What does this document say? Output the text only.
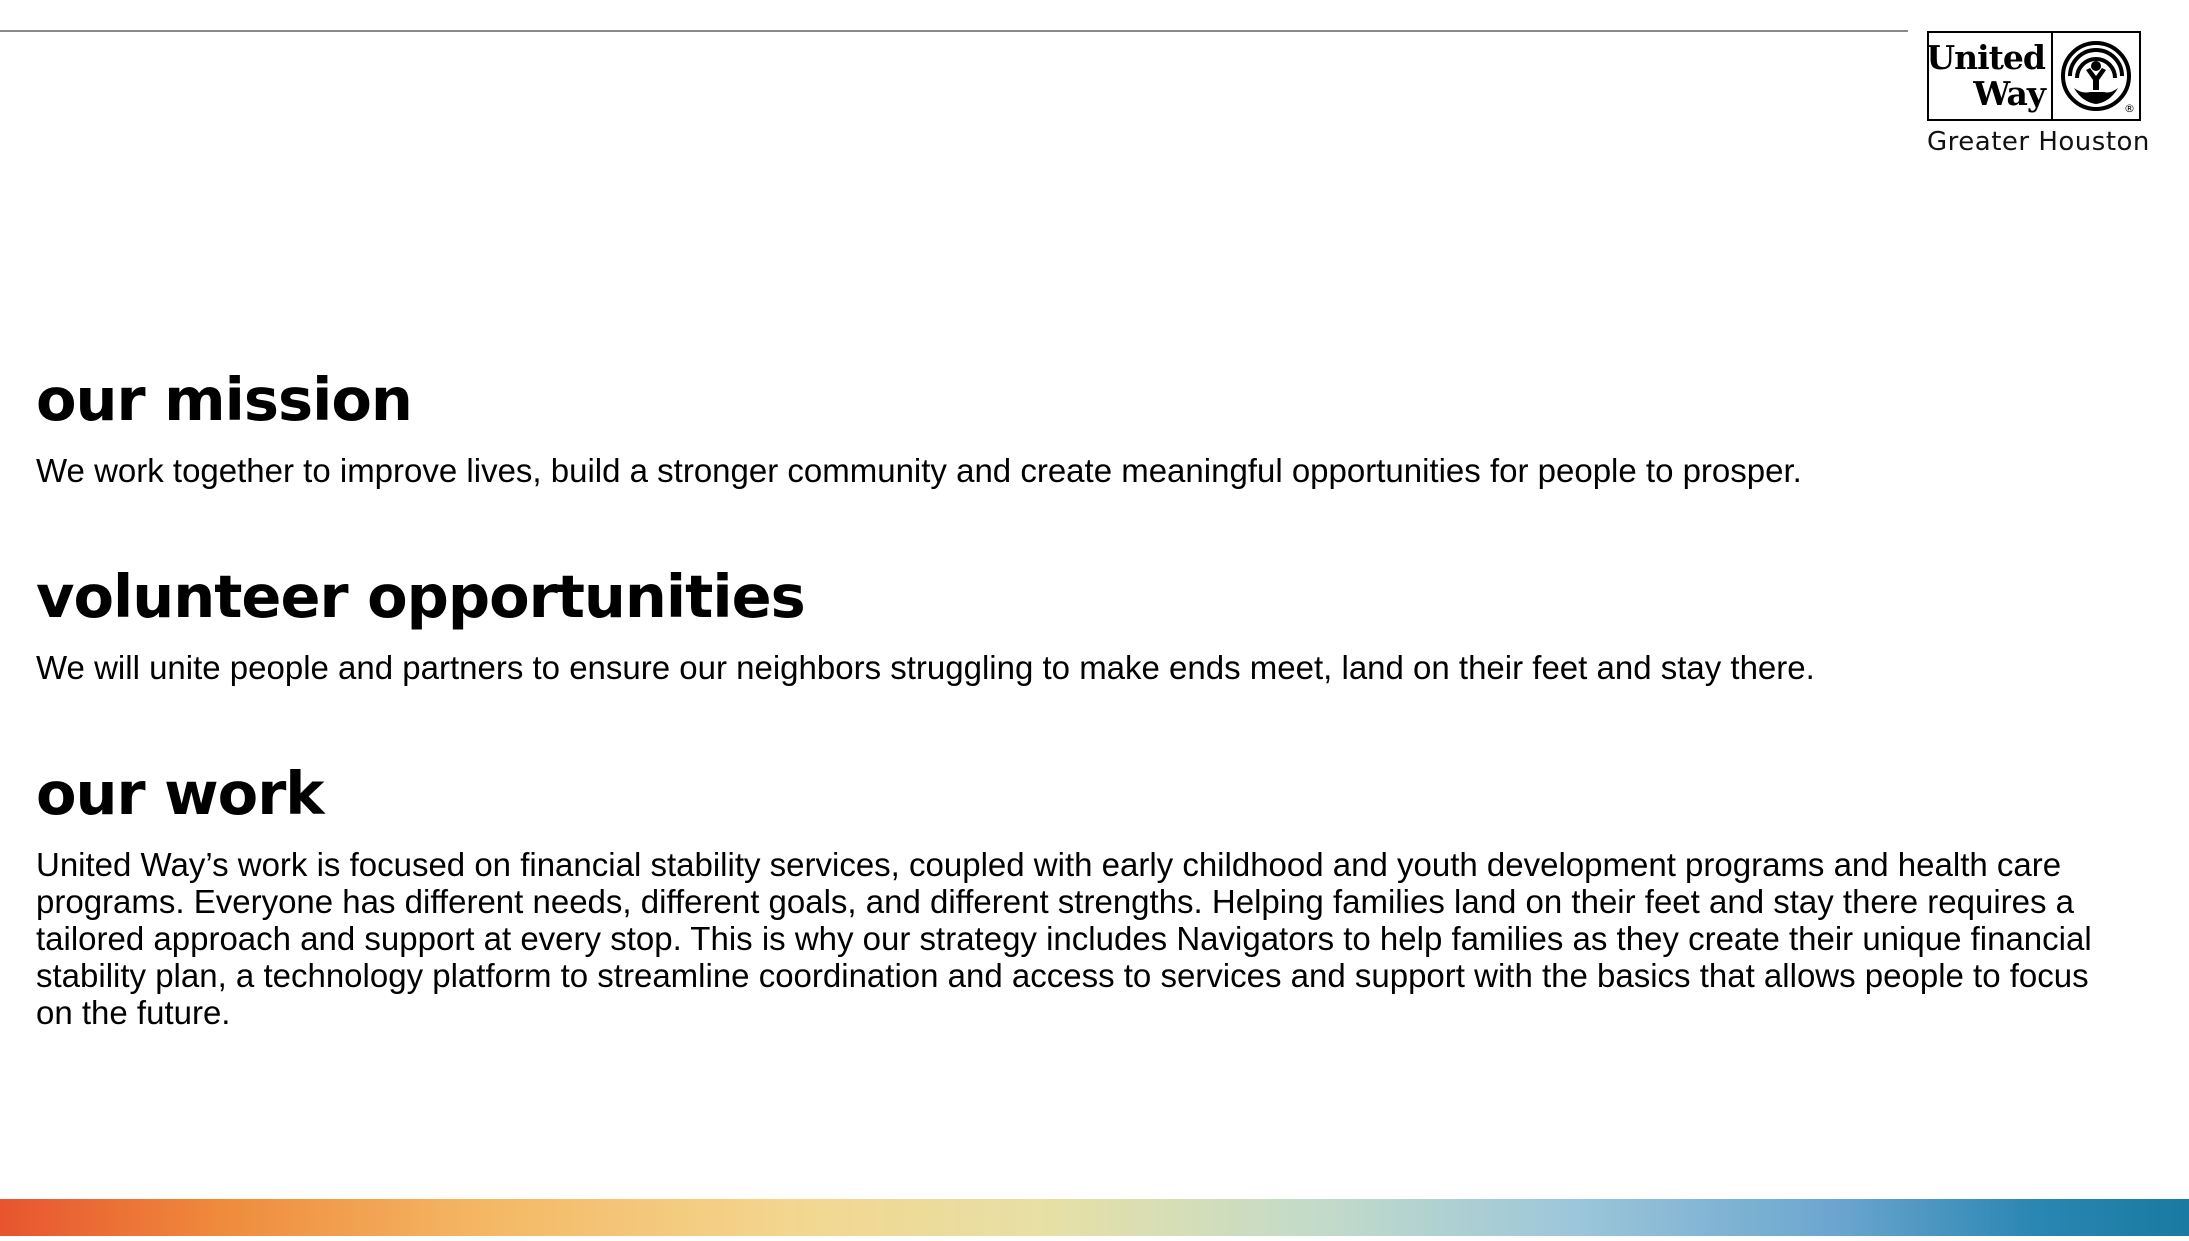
United
Way	®
Greater Houston
our mission

We work together to improve lives, build a stronger community and create meaningful opportunities for people to prosper.

volunteer opportunities

We will unite people and partners to ensure our neighbors struggling to make ends meet, land on their feet and stay there.

our work

United Way’s work is focused on financial stability services, coupled with early childhood and youth development programs and health care programs. Everyone has different needs, different goals, and different strengths. Helping families land on their feet and stay there requires a tailored approach and support at every stop. This is why our strategy includes Navigators to help families as they create their unique financial stability plan, a technology platform to streamline coordination and access to services and support with the basics that allows people to focus on the future.
